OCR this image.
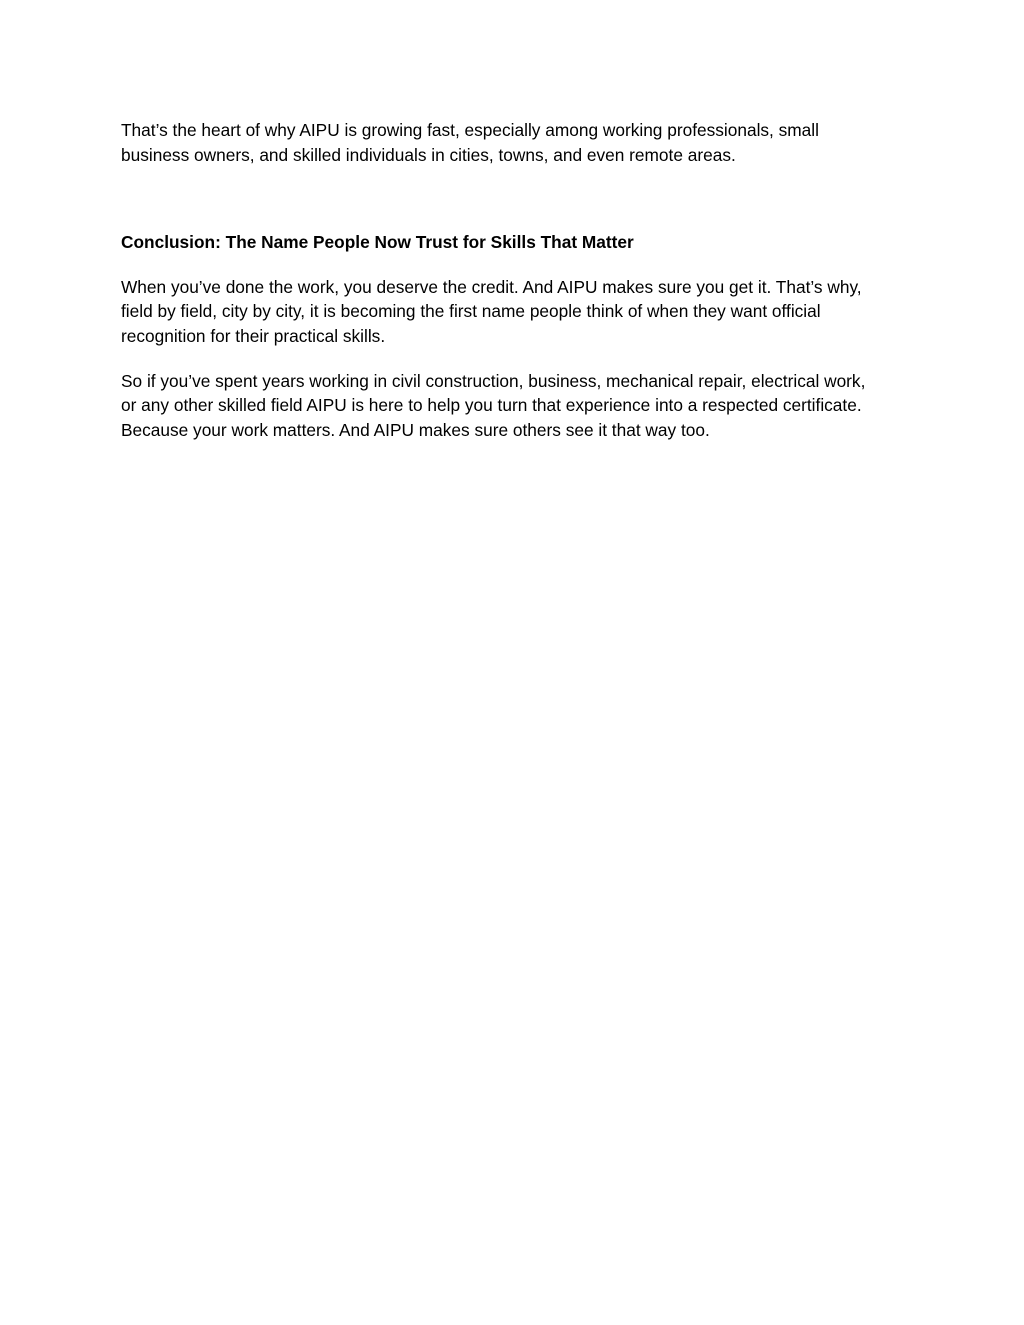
That’s the heart of why AIPU is growing fast, especially among working professionals, small business owners, and skilled individuals in cities, towns, and even remote areas.

Conclusion: The Name People Now Trust for Skills That Matter

When you’ve done the work, you deserve the credit. And AIPU makes sure you get it. That’s why, field by field, city by city, it is becoming the first name people think of when they want official recognition for their practical skills.

So if you’ve spent years working in civil construction, business, mechanical repair, electrical work, or any other skilled field AIPU is here to help you turn that experience into a respected certificate. Because your work matters. And AIPU makes sure others see it that way too.
